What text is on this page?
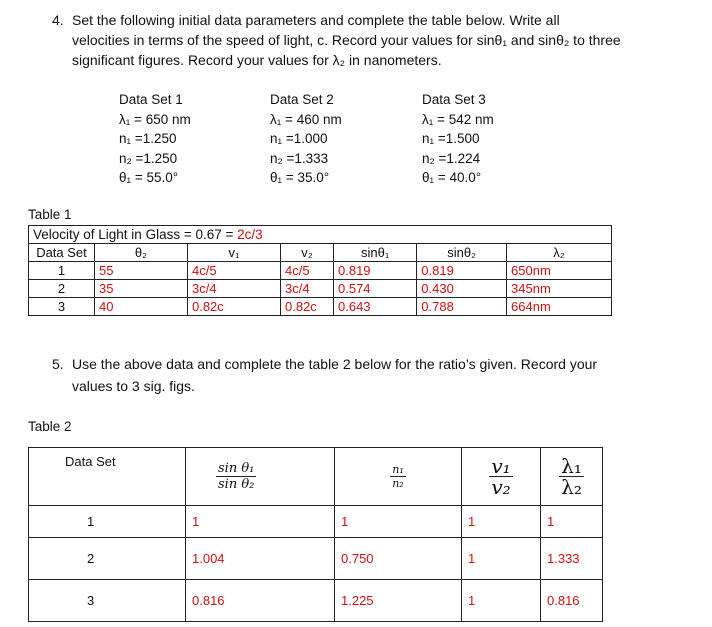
4. Set the following initial data parameters and complete the table below. Write all
velocities in terms of the speed of light, c. Record your values for sinθ₁ and sinθ₂ to three
significant figures. Record your values for λ₂ in nanometers.
Data Set 1
λ₁ = 650 nm
n₁ =1.250
n₂ =1.250
θ₁ = 55.0°
Data Set 2
λ₁ = 460 nm
n₁ =1.000
n₂ =1.333
θ₁ = 35.0°
Data Set 3
λ₁ = 542 nm
n₁ =1.500
n₂ =1.224
θ₁ = 40.0°
Table 1
Velocity of Light in Glass = 0.67 = 2c/3						
Data Set	θ₂	v₁	v₂	sinθ₁	sinθ₂	λ₂
1	55	4c/5	4c/5	0.819	0.819	650nm
2	35	3c/4	3c/4	0.574	0.430	345nm
3	40	0.82c	0.82c	0.643	0.788	664nm
5. Use the above data and complete the table 2 below for the ratio’s given. Record your
values to 3 sig. figs.
Table 2
Data Set	$\frac{\text{sin θ₁}}{\text{sin θ₂}}$	$\frac{\text{n₁}}{\text{n₂}}$	$\frac{\text{v₁}}{\text{v₂}}$	$\frac{\text{λ₁}}{\text{λ₂}}$

1	1	1	1	1
2	1.004	0.750	1	1.333
3	0.816	1.225	1	0.816
